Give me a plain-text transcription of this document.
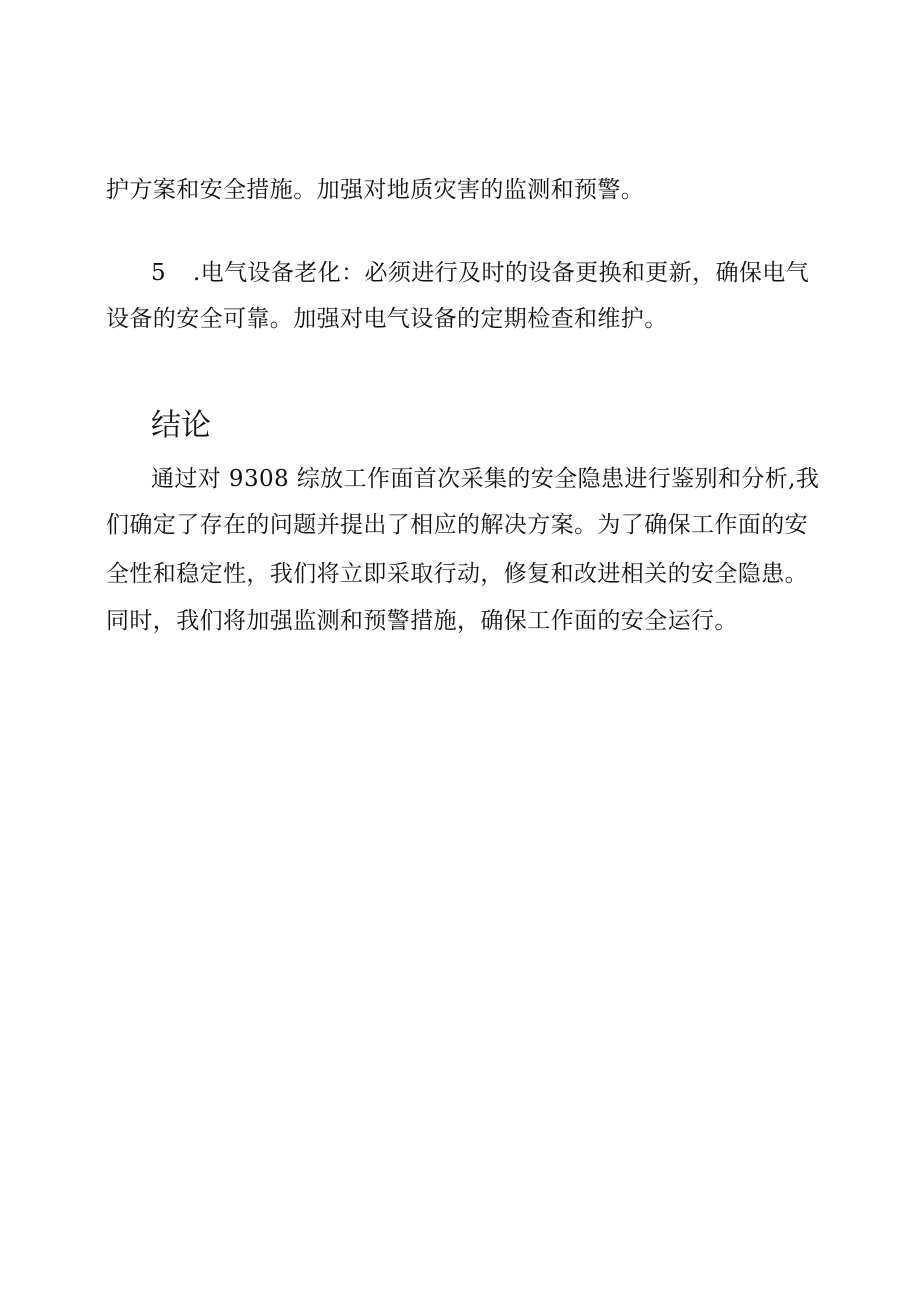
护方案和安全措施。加强对地质灾害的监测和预警。
5 .电气设备老化：必须进行及时的设备更换和更新，确保电气
设备的安全可靠。加强对电气设备的定期检查和维护。
结论
通过对 9308 综放工作面首次采集的安全隐患进行鉴别和分析,我
们确定了存在的问题并提出了相应的解决方案。为了确保工作面的安
全性和稳定性，我们将立即采取行动，修复和改进相关的安全隐患。
同时，我们将加强监测和预警措施，确保工作面的安全运行。
